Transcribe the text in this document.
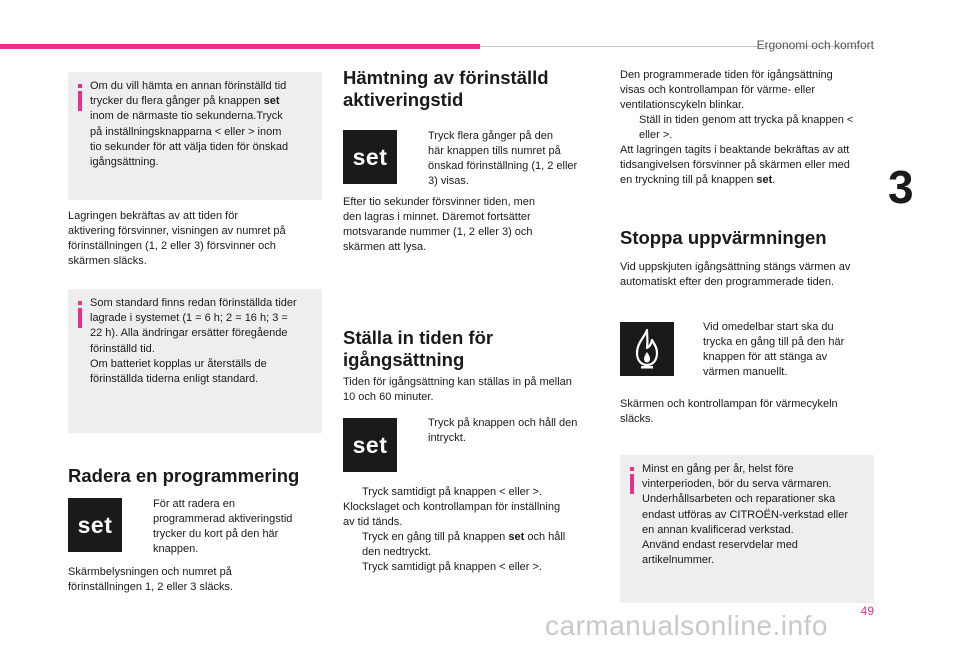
Ergonomi och komfort
3
Om du vill hämta en annan förinställd tid
trycker du flera gånger på knappen set
inom de närmaste tio sekunderna.Tryck
på inställningsknapparna < eller > inom
tio sekunder för att välja tiden för önskad
igångsättning.
Lagringen bekräftas av att tiden för
aktivering försvinner, visningen av numret på
förinställningen (1, 2 eller 3) försvinner och
skärmen släcks.
Som standard finns redan förinställda tider
lagrade i systemet (1 = 6 h; 2 = 16 h; 3 =
22 h). Alla ändringar ersätter föregående
förinställd tid.
Om batteriet kopplas ur återställs de
förinställda tiderna enligt standard.
Radera en programmering
set
För att radera en
programmerad aktiveringstid
trycker du kort på den här
knappen.
Skärmbelysningen och numret på
förinställningen 1, 2 eller 3 släcks.
Hämtning av förinställd
aktiveringstid
set
Tryck flera gånger på den
här knappen tills numret på
önskad förinställning (1, 2 eller
3) visas.
Efter tio sekunder försvinner tiden, men
den lagras i minnet. Däremot fortsätter
motsvarande nummer (1, 2 eller 3) och
skärmen att lysa.
Ställa in tiden för
igångsättning
Tiden för igångsättning kan ställas in på mellan
10 och 60 minuter.
set
Tryck på knappen och håll den
intryckt.
Tryck samtidigt på knappen < eller >.
Klockslaget och kontrollampan för inställning
av tid tänds.
Tryck en gång till på knappen set och håll
den nedtryckt.
Tryck samtidigt på knappen < eller >.
Den programmerade tiden för igångsättning
visas och kontrollampan för värme- eller
ventilationscykeln blinkar.
Ställ in tiden genom att trycka på knappen <
eller >.
Att lagringen tagits i beaktande bekräftas av att
tidsangivelsen försvinner på skärmen eller med
en tryckning till på knappen set.
Stoppa uppvärmningen
Vid uppskjuten igångsättning stängs värmen av
automatiskt efter den programmerade tiden.
Vid omedelbar start ska du
trycka en gång till på den här
knappen för att stänga av
värmen manuellt.
Skärmen och kontrollampan för värmecykeln
släcks.
Minst en gång per år, helst före
vinterperioden, bör du serva värmaren.
Underhållsarbeten och reparationer ska
endast utföras av CITROËN-verkstad eller
en annan kvalificerad verkstad.
Använd endast reservdelar med
artikelnummer.
49
carmanualsonline.info
